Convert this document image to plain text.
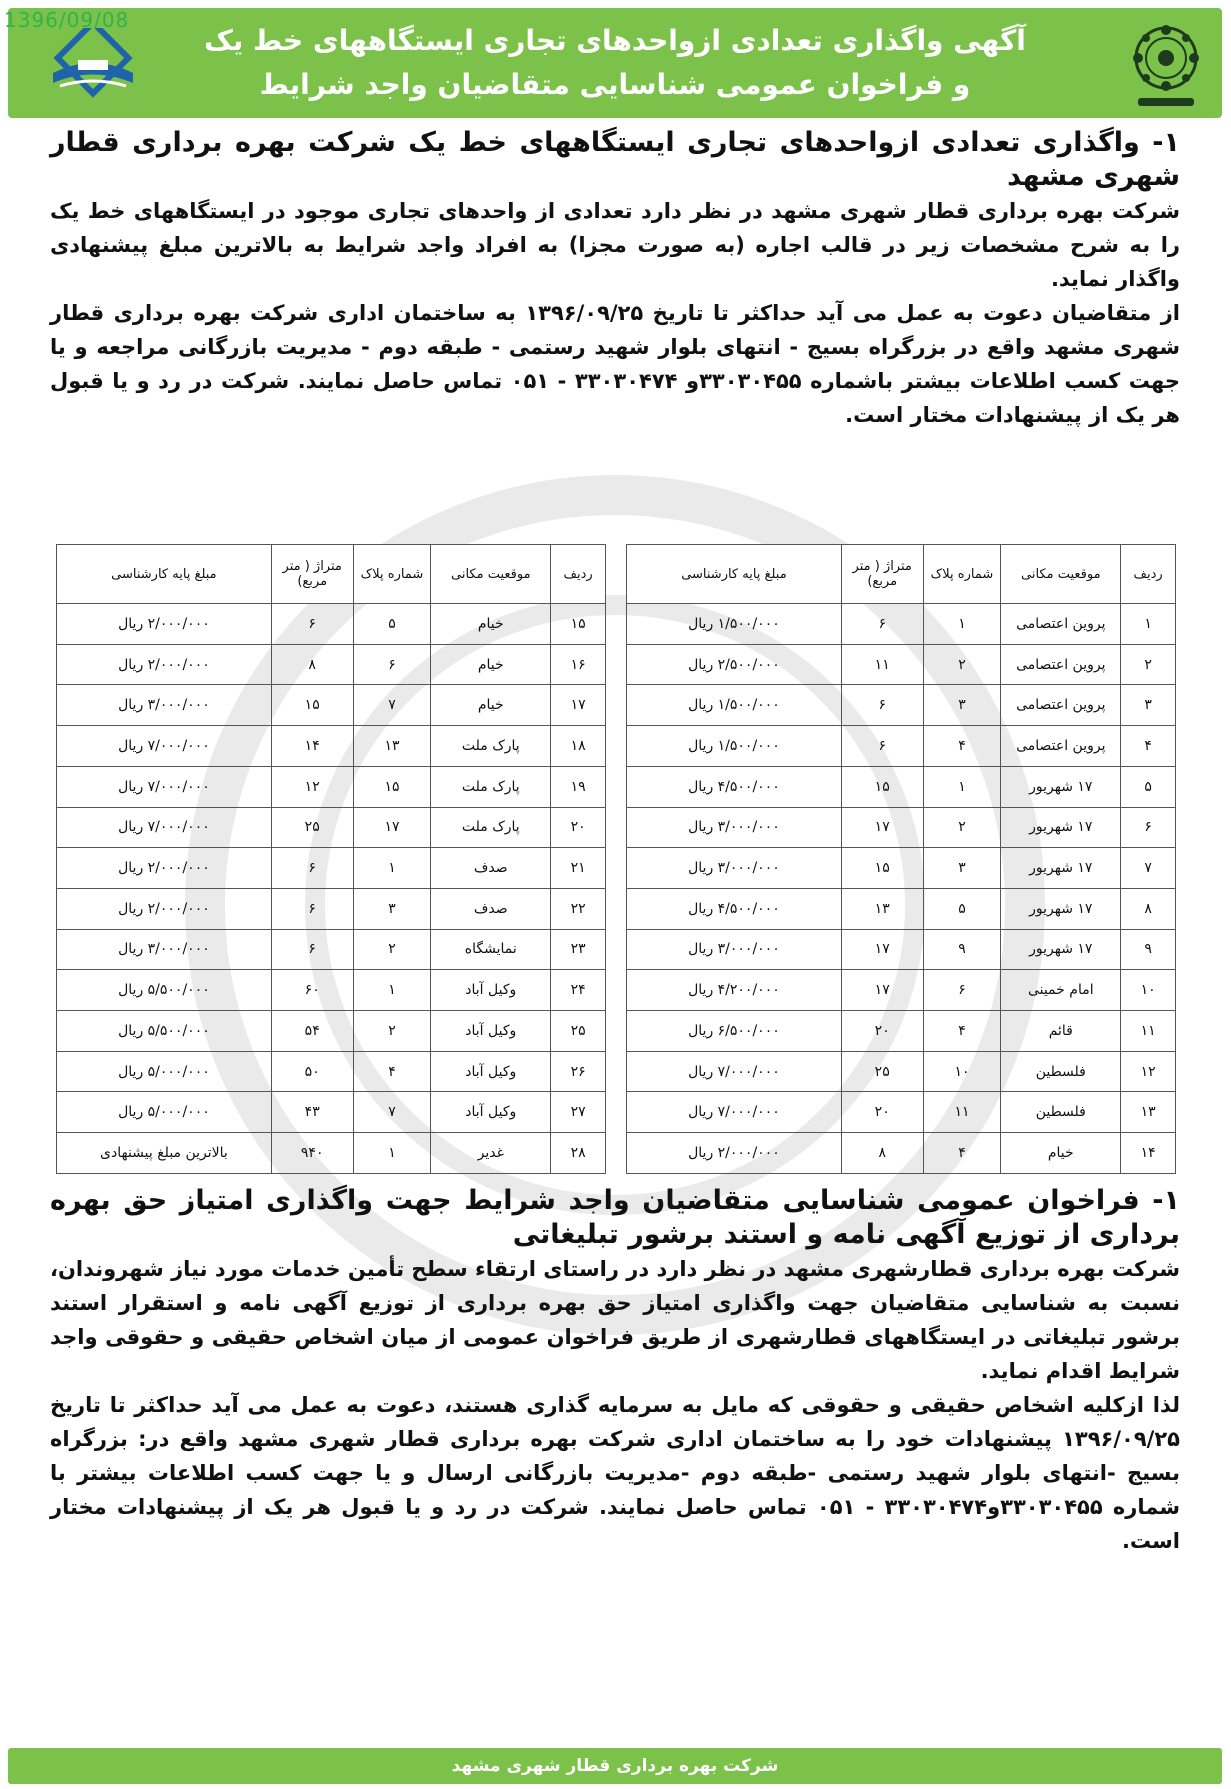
آگهی واگذاری تعدادی ازواحدهای تجاری ایستگاههای خط یک
و فراخوان عمومی شناسایی متقاضیان واجد شرایط
1396/09/08
۱- واگذاری تعدادی ازواحدهای تجاری ایستگاههای خط یک شرکت بهره برداری قطار شهری مشهد
شرکت بهره برداری قطار شهری مشهد در نظر دارد تعدادی از واحدهای تجاری موجود در ایستگاههای خط یک را به شرح مشخصات زیر در قالب اجاره (به صورت مجزا) به افراد واجد شرایط به بالاترین مبلغ پیشنهادی واگذار نماید.
از متقاضیان دعوت به عمل می آید حداکثر تا تاریخ ۱۳۹۶/۰۹/۲۵ به ساختمان اداری شرکت بهره برداری قطار شهری مشهد واقع در بزرگراه بسیج - انتهای بلوار شهید رستمی - طبقه دوم - مدیریت بازرگانی مراجعه و یا جهت کسب اطلاعات بیشتر باشماره ۳۳۰۳۰۴۵۵و ۳۳۰۳۰۴۷۴ - ۰۵۱ تماس حاصل نمایند. شرکت در رد و یا قبول هر یک از پیشنهادات مختار است.
ردیف	موقعیت مکانی	شماره پلاک	متراژ ( متر مربع)	مبلغ پایه کارشناسی
۱	پروین اعتصامی	۱	۶	۱/۵۰۰/۰۰۰ ریال
۲	پروین اعتصامی	۲	۱۱	۲/۵۰۰/۰۰۰ ریال
۳	پروین اعتصامی	۳	۶	۱/۵۰۰/۰۰۰ ریال
۴	پروین اعتصامی	۴	۶	۱/۵۰۰/۰۰۰ ریال
۵	۱۷ شهریور	۱	۱۵	۴/۵۰۰/۰۰۰ ریال
۶	۱۷ شهریور	۲	۱۷	۳/۰۰۰/۰۰۰ ریال
۷	۱۷ شهریور	۳	۱۵	۳/۰۰۰/۰۰۰ ریال
۸	۱۷ شهریور	۵	۱۳	۴/۵۰۰/۰۰۰ ریال
۹	۱۷ شهریور	۹	۱۷	۳/۰۰۰/۰۰۰ ریال
۱۰	امام خمینی	۶	۱۷	۴/۲۰۰/۰۰۰ ریال
۱۱	قائم	۴	۲۰	۶/۵۰۰/۰۰۰ ریال
۱۲	فلسطین	۱۰	۲۵	۷/۰۰۰/۰۰۰ ریال
۱۳	فلسطین	۱۱	۲۰	۷/۰۰۰/۰۰۰ ریال
۱۴	خیام	۴	۸	۲/۰۰۰/۰۰۰ ریال
ردیف	موقعیت مکانی	شماره پلاک	متراژ ( متر مربع)	مبلغ پایه کارشناسی
۱۵	خیام	۵	۶	۲/۰۰۰/۰۰۰ ریال
۱۶	خیام	۶	۸	۲/۰۰۰/۰۰۰ ریال
۱۷	خیام	۷	۱۵	۳/۰۰۰/۰۰۰ ریال
۱۸	پارک ملت	۱۳	۱۴	۷/۰۰۰/۰۰۰ ریال
۱۹	پارک ملت	۱۵	۱۲	۷/۰۰۰/۰۰۰ ریال
۲۰	پارک ملت	۱۷	۲۵	۷/۰۰۰/۰۰۰ ریال
۲۱	صدف	۱	۶	۲/۰۰۰/۰۰۰ ریال
۲۲	صدف	۳	۶	۲/۰۰۰/۰۰۰ ریال
۲۳	نمایشگاه	۲	۶	۳/۰۰۰/۰۰۰ ریال
۲۴	وکیل آباد	۱	۶۰	۵/۵۰۰/۰۰۰ ریال
۲۵	وکیل آباد	۲	۵۴	۵/۵۰۰/۰۰۰ ریال
۲۶	وکیل آباد	۴	۵۰	۵/۰۰۰/۰۰۰ ریال
۲۷	وکیل آباد	۷	۴۳	۵/۰۰۰/۰۰۰ ریال
۲۸	غدیر	۱	۹۴۰	بالاترین مبلغ پیشنهادی
۱- فراخوان عمومی شناسایی متقاضیان واجد شرایط جهت واگذاری امتیاز حق بهره برداری از توزیع آگهی نامه و استند برشور تبلیغاتی
شرکت بهره برداری قطارشهری مشهد در نظر دارد در راستای ارتقاء سطح تأمین خدمات مورد نیاز شهروندان، نسبت به شناسایی متقاضیان جهت واگذاری امتیاز حق بهره برداری از توزیع آگهی نامه و استقرار استند برشور تبلیغاتی در ایستگاههای قطارشهری از طریق فراخوان عمومی از میان اشخاص حقیقی و حقوقی واجد شرایط اقدام نماید.
لذا ازکلیه اشخاص حقیقی و حقوقی که مایل به سرمایه گذاری هستند، دعوت به عمل می آید حداکثر تا تاریخ ۱۳۹۶/۰۹/۲۵ پیشنهادات خود را به ساختمان اداری شرکت بهره برداری قطار شهری مشهد واقع در: بزرگراه بسیج -انتهای بلوار شهید رستمی -طبقه دوم -مدیریت بازرگانی ارسال و یا جهت کسب اطلاعات بیشتر با شماره ۳۳۰۳۰۴۵۵و۳۳۰۳۰۴۷۴ - ۰۵۱ تماس حاصل نمایند. شرکت در رد و یا قبول هر یک از پیشنهادات مختار است.
شرکت بهره برداری قطار شهری مشهد
